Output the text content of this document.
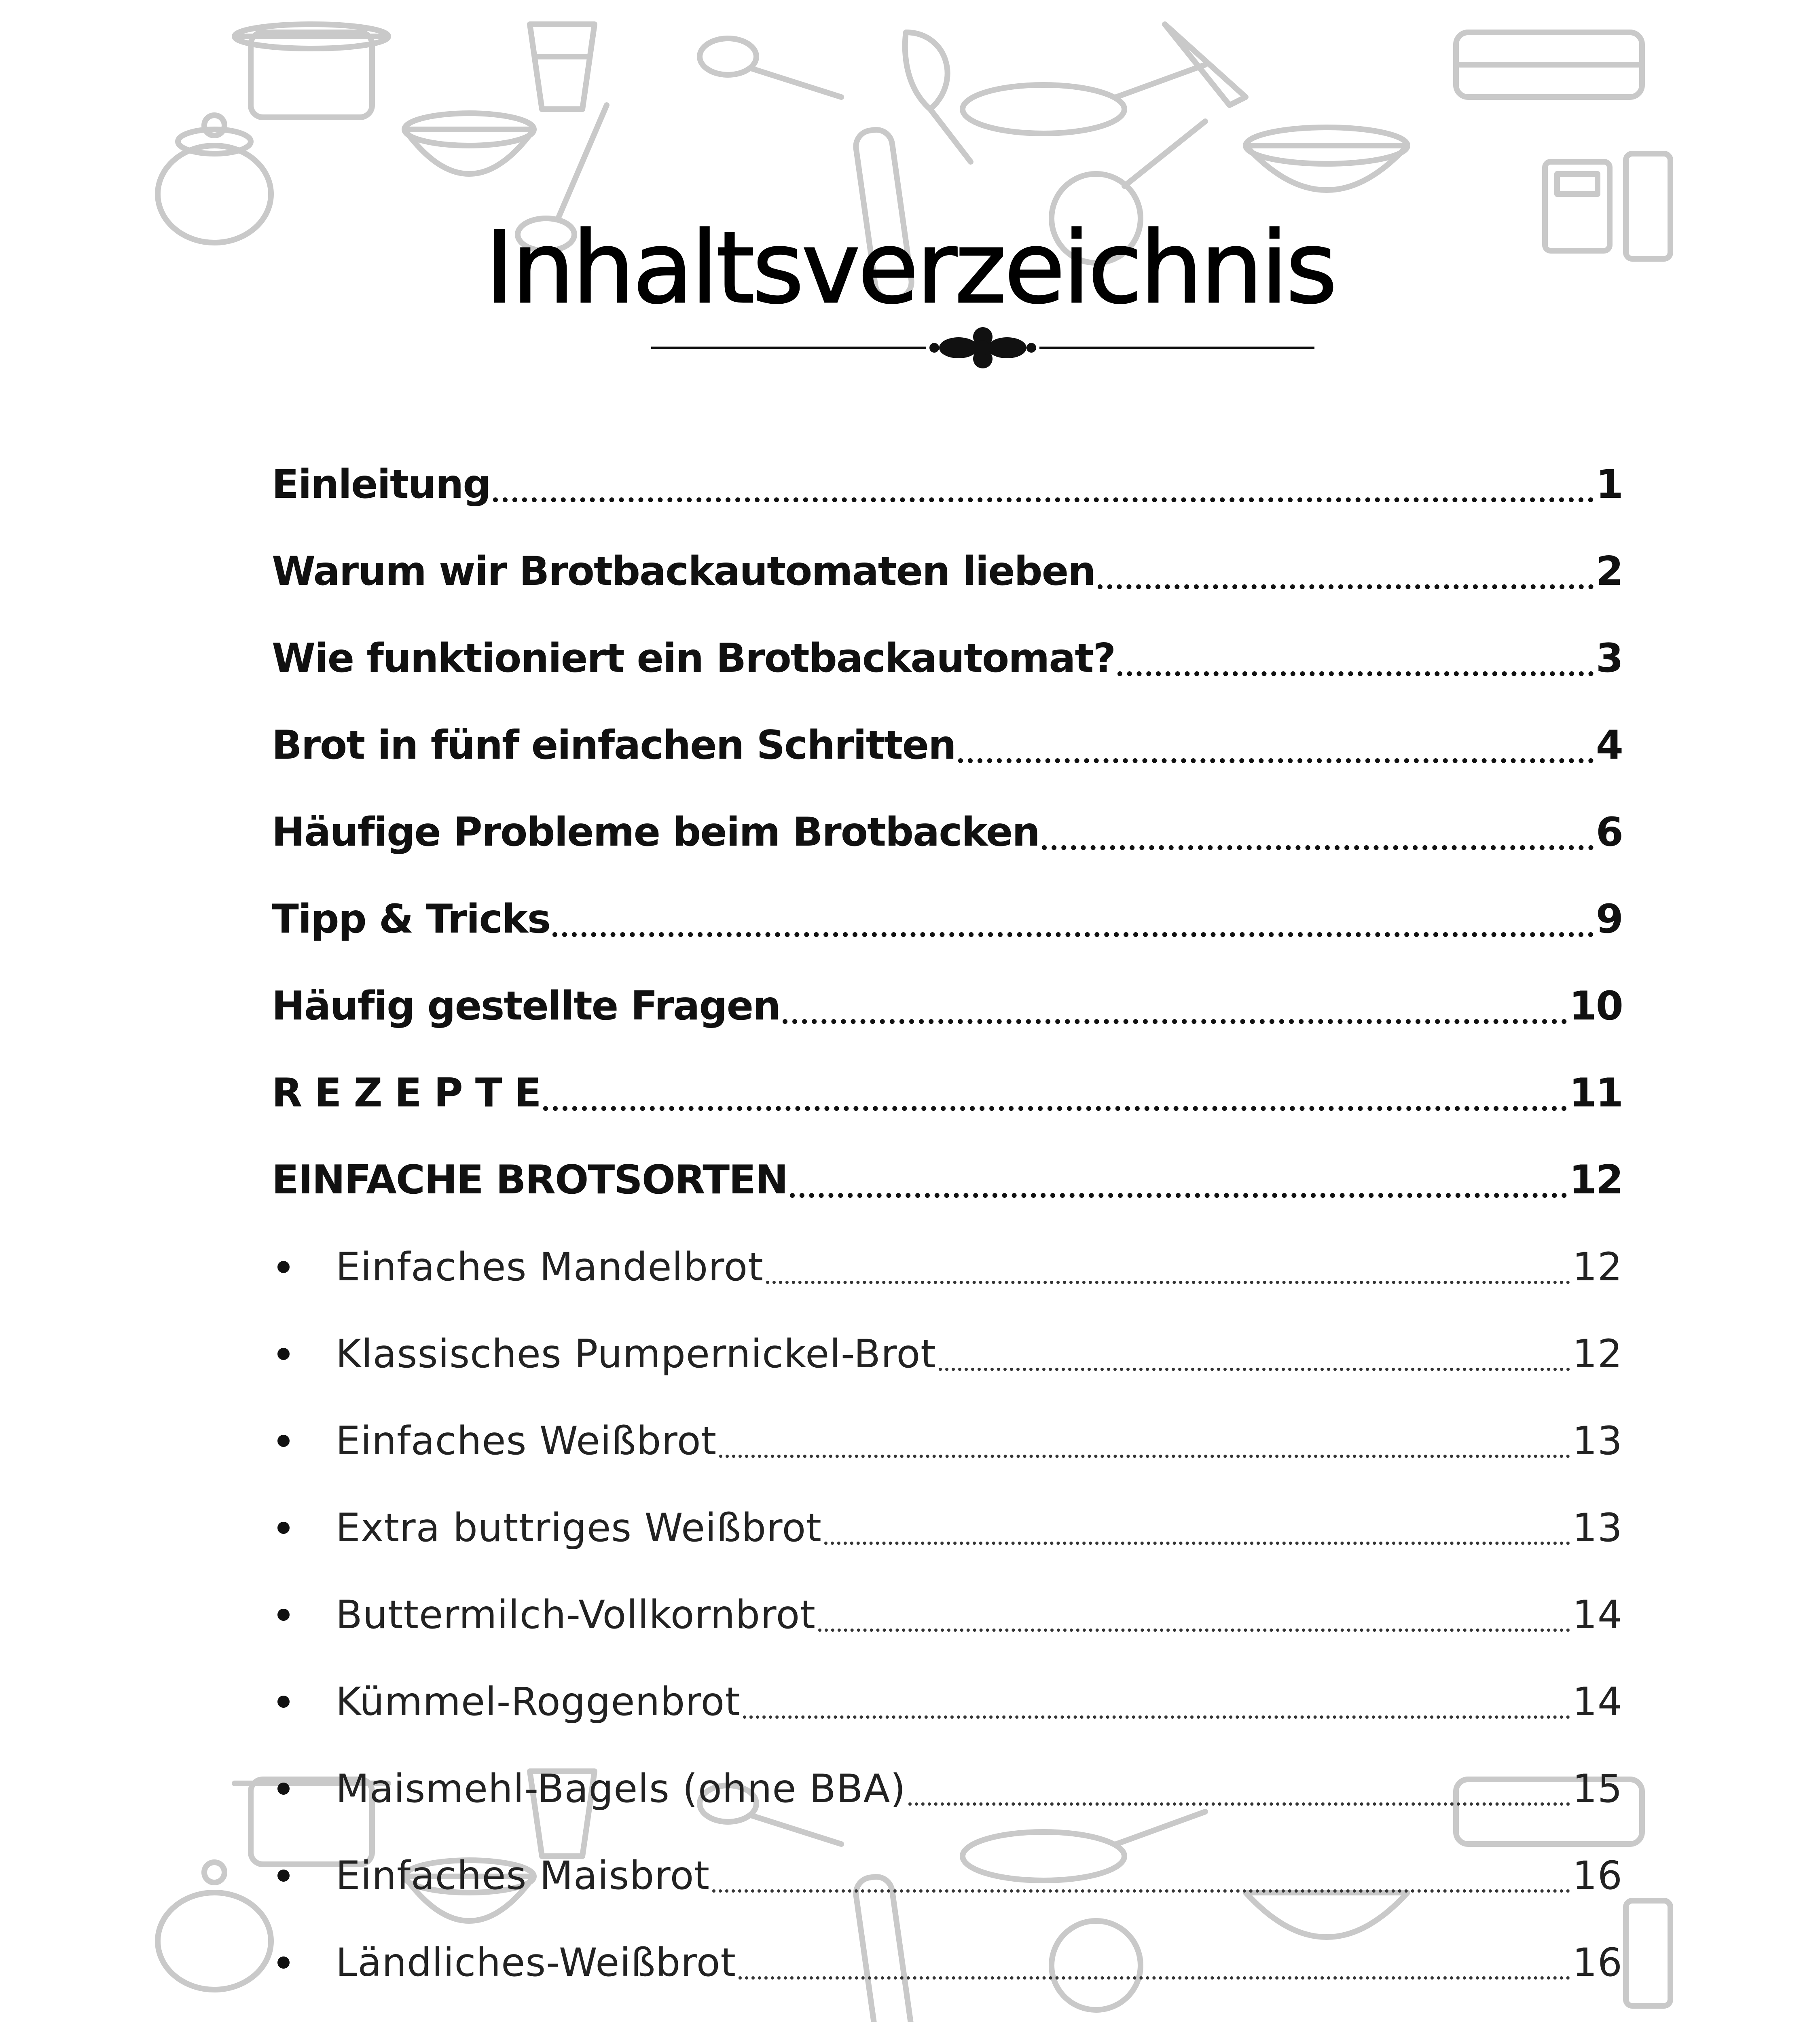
Inhaltsverzeichnis
Einleitung	1
Warum wir Brotbackautomaten lieben	2
Wie funktioniert ein Brotbackautomat?	3
Brot in fünf einfachen Schritten	4
Häufige Probleme beim Brotbacken	6
Tipp & Tricks	9
Häufig gestellte Fragen	10
R E Z E P T E	11
EINFACHE BROTSORTEN	12
Einfaches Mandelbrot	12
Klassisches Pumpernickel-Brot	12
Einfaches Weißbrot	13
Extra buttriges Weißbrot	13
Buttermilch-Vollkornbrot	14
Kümmel-Roggenbrot	14
Maismehl-Bagels (ohne BBA)	15
Einfaches Maisbrot	16
Ländliches-Weißbrot	16
